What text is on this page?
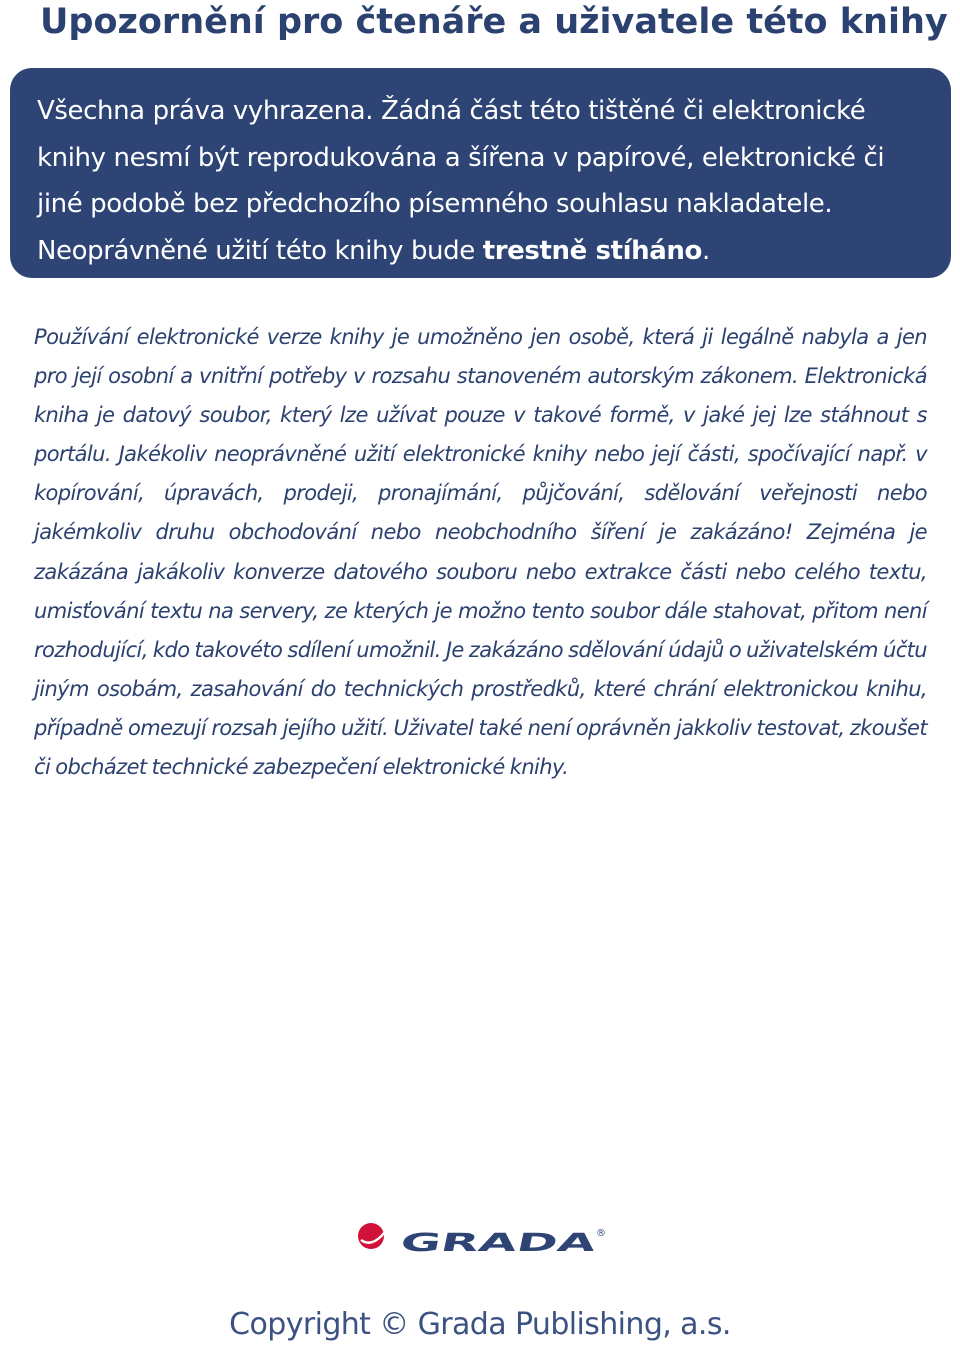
Upozornění pro čtenáře a uživatele této knihy

Všechna práva vyhrazena. Žádná část této tištěné či elektronické knihy nesmí být reprodukována a šířena v papírové, elektronické či jiné podobě bez předchozího písemného souhlasu nakladatele. Neoprávněné užití této knihy bude trestně stíháno.

Používání elektronické verze knihy je umožněno jen osobě, která ji legálně nabyla a jen pro její osobní a vnitřní potřeby v rozsahu stanoveném autorským zákonem. Elektronická kniha je datový soubor, který lze užívat pouze v takové formě, v jaké jej lze stáhnout s portálu. Jakékoliv neoprávněné užití elektronické knihy nebo její části, spočívající např. v kopírování, úpravách, prodeji, pronajímání, půjčování, sdělování veřejnosti nebo jakémkoliv druhu obchodování nebo neobchodního šíření je zakázáno! Zejména je zakázána jakákoliv konverze datového souboru nebo extrakce části nebo celého textu, umisťování textu na servery, ze kterých je možno tento soubor dále stahovat, přitom není rozhodující, kdo takovéto sdílení umožnil. Je zakázáno sdělování údajů o uživatelském účtu jiným osobám, zasahování do technických prostředků, které chrání elektronickou knihu, případně omezují rozsah jejího užití. Uživatel také není oprávněn jakkoliv testovat, zkoušet či obcházet technické zabezpečení elektronické knihy.

GRADA	®

Copyright © Grada Publishing, a.s.
